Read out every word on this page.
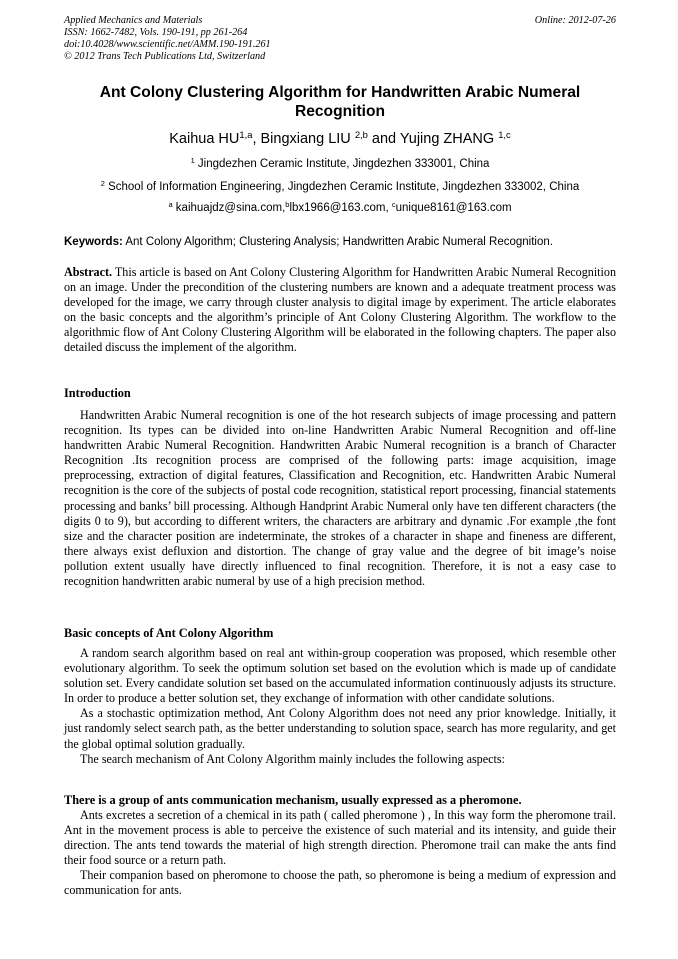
Applied Mechanics and Materials
ISSN: 1662-7482, Vols. 190-191, pp 261-264
doi:10.4028/www.scientific.net/AMM.190-191.261
© 2012 Trans Tech Publications Ltd, Switzerland
Online: 2012-07-26
Ant Colony Clustering Algorithm for Handwritten Arabic Numeral
Recognition
Kaihua HU$^{1,a}$, Bingxiang LIU $^{2,b}$ and Yujing ZHANG $^{1,c}$
$^1$ Jingdezhen Ceramic Institute, Jingdezhen 333001, China
$^2$ School of Information Engineering, Jingdezhen Ceramic Institute, Jingdezhen 333002, China
$^a$ kaihuajdz@sina.com,$^b$lbx1966@163.com, $^c$unique8161@163.com
Keywords: Ant Colony Algorithm; Clustering Analysis; Handwritten Arabic Numeral Recognition.
Abstract. This article is based on Ant Colony Clustering Algorithm for Handwritten Arabic Numeral Recognition on an image. Under the precondition of the clustering numbers are known and a adequate treatment process was developed for the image, we carry through cluster analysis to digital image by experiment. The article elaborates on the basic concepts and the algorithm’s principle of Ant Colony Clustering Algorithm. The workflow to the algorithmic flow of Ant Colony Clustering Algorithm will be elaborated in the following chapters. The paper also detailed discuss the implement of the algorithm.
Introduction

Handwritten Arabic Numeral recognition is one of the hot research subjects of image processing and pattern recognition. Its types can be divided into on-line Handwritten Arabic Numeral Recognition and off-line handwritten Arabic Numeral Recognition. Handwritten Arabic Numeral recognition is a branch of Character Recognition .Its recognition process are comprised of the following parts: image acquisition, image preprocessing, extraction of digital features, Classification and Recognition, etc. Handwritten Arabic Numeral recognition is the core of the subjects of postal code recognition, statistical report processing, financial statements processing and banks’ bill processing. Although Handprint Arabic Numeral only have ten different characters (the digits 0 to 9), but according to different writers, the characters are arbitrary and dynamic .For example ,the font size and the character position are indeterminate, the strokes of a character in shape and fineness are different, there always exist defluxion and distortion. The change of gray value and the degree of bit image’s noise pollution extent usually have directly influenced to final recognition. Therefore, it is not a easy case to recognition handwritten arabic numeral by use of a high precision method.

Basic concepts of Ant Colony Algorithm

A random search algorithm based on real ant within-group cooperation was proposed, which resemble other evolutionary algorithm. To seek the optimum solution set based on the evolution which is made up of candidate solution set. Every candidate solution set based on the accumulated information continuously adjusts its structure. In order to produce a better solution set, they exchange of information with other candidate solutions.

As a stochastic optimization method, Ant Colony Algorithm does not need any prior knowledge. Initially, it just randomly select search path, as the better understanding to solution space, search has more regularity, and get the global optimal solution gradually.

The search mechanism of Ant Colony Algorithm mainly includes the following aspects:

There is a group of ants communication mechanism, usually expressed as a pheromone.

Ants excretes a secretion of a chemical in its path ( called pheromone ) , In this way form the pheromone trail. Ant in the movement process is able to perceive the existence of such material and its intensity, and guide their direction. The ants tend towards the material of high strength direction. Pheromone trail can make the ants find their food source or a return path.

Their companion based on pheromone to choose the path, so pheromone is being a medium of expression and communication for ants.
